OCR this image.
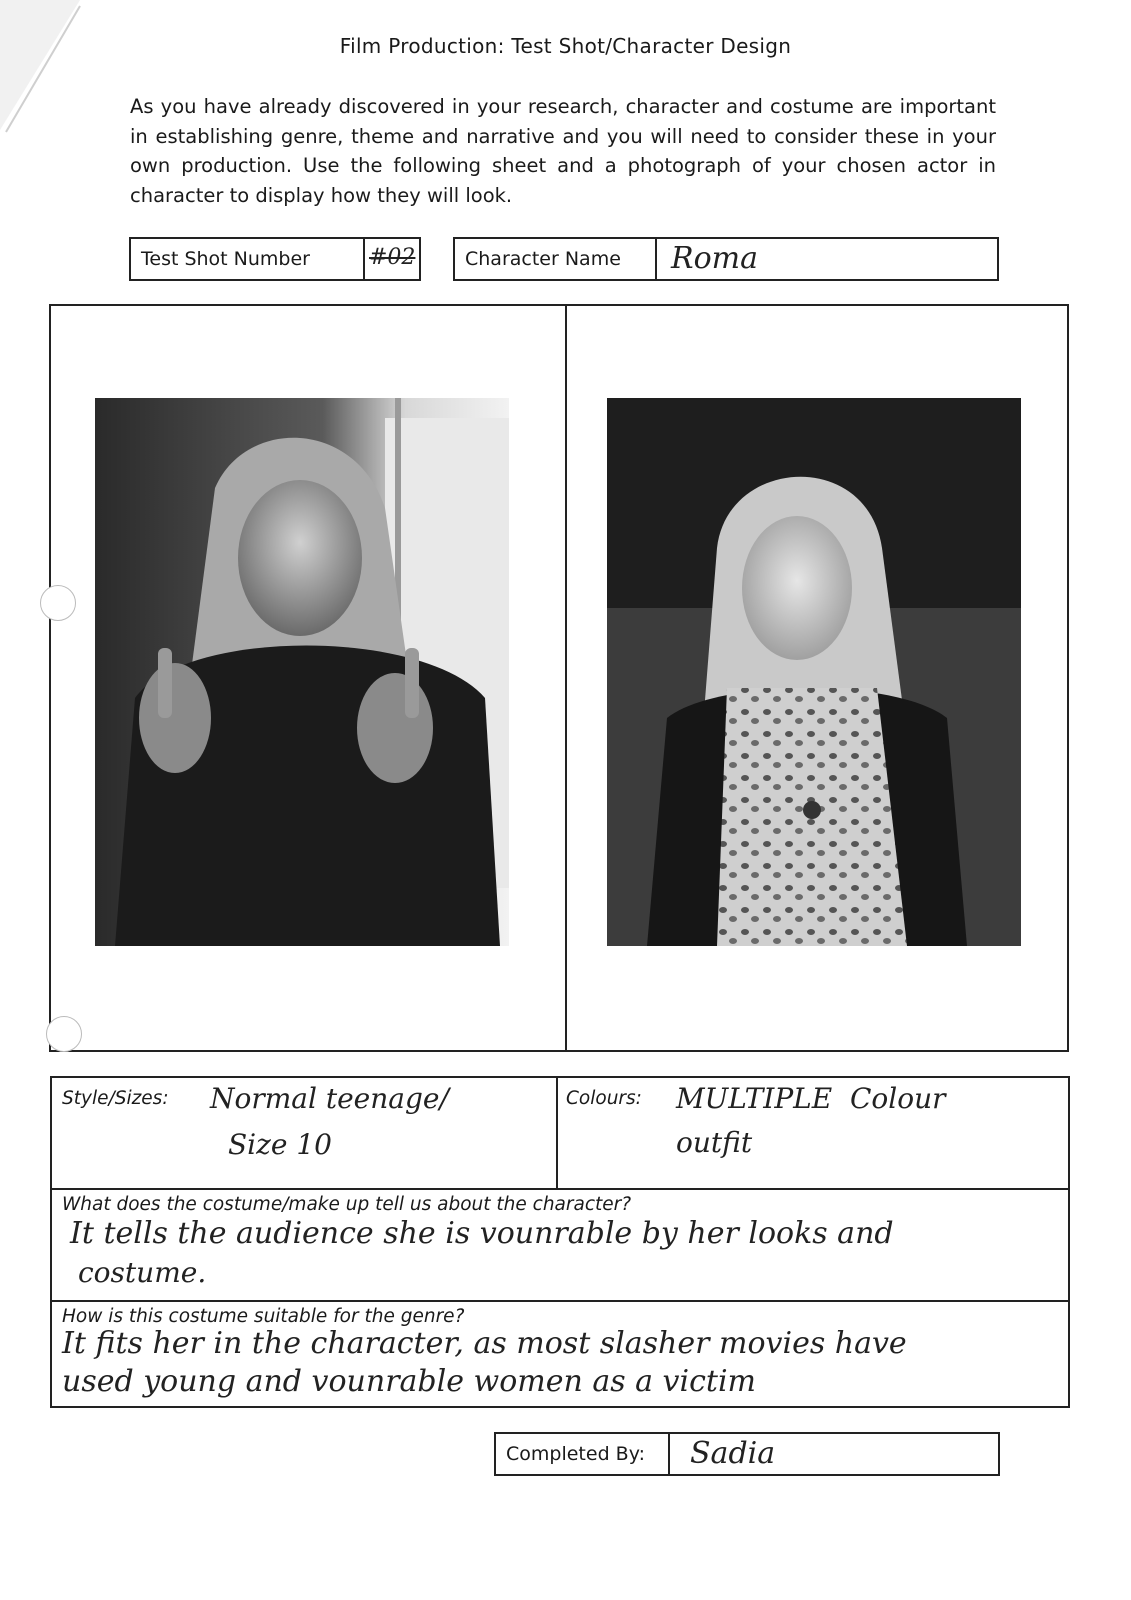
Film Production: Test Shot/Character Design
As you have already discovered in your research, character and costume are important in establishing genre, theme and narrative and you will need to consider these in your own production. Use the following sheet and a photograph of your chosen actor in character to display how they will look.
Test Shot Number	#02	Character Name	Roma
Style/Sizes: Normal teenage/
Size 10
Colours: MULTIPLE  Colour
outfit
What does the costume/make up tell us about the character?
It tells the audience she is vounrable by her looks and
costume.
How is this costume suitable for the genre?
It fits her in the character, as most slasher movies have
used young and vounrable women as a victim
Completed By:	Sadia
